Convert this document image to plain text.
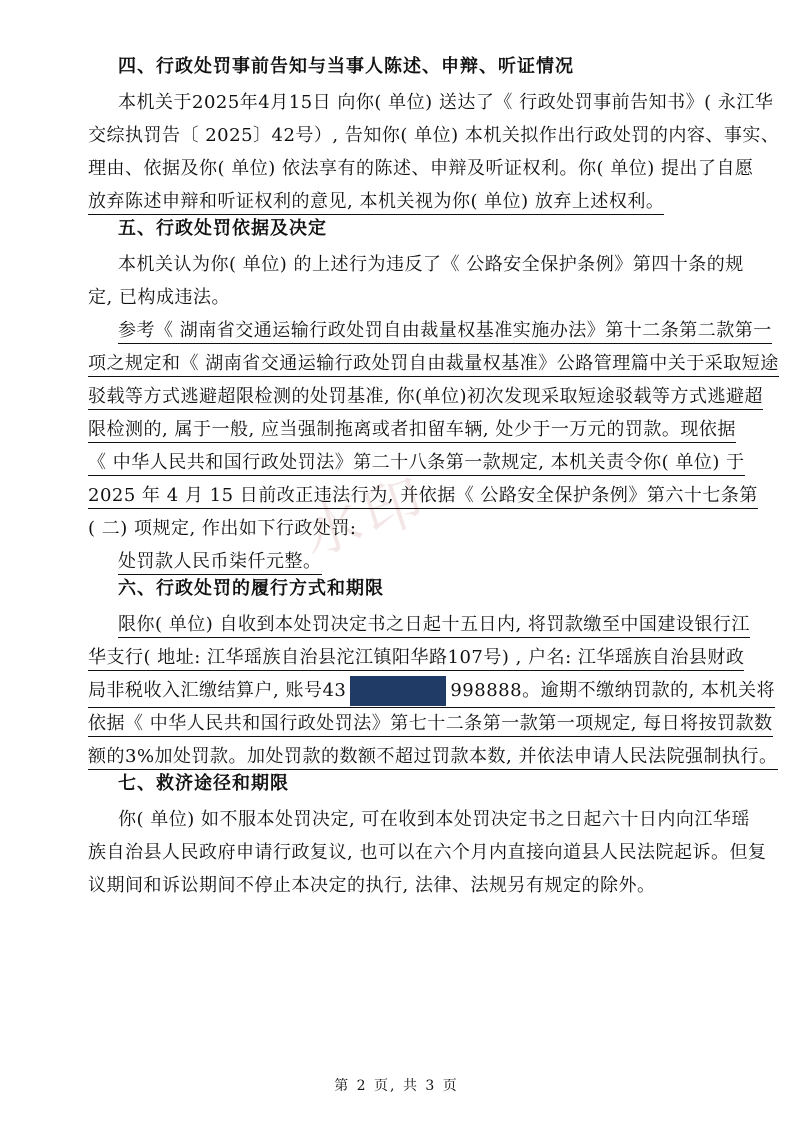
水印
四、行政处罚事前告知与当事人陈述、申辩、听证情况
本机关于2025年4月15日 向你( 单位) 送达了《 行政处罚事前告知书》( 永江华
交综执罚告〔 2025〕42号）, 告知你( 单位) 本机关拟作出行政处罚的内容、事实、
理由、依据及你( 单位) 依法享有的陈述、申辩及听证权利。你( 单位) 提出了自愿
放弃陈述申辩和听证权利的意见, 本机关视为你( 单位) 放弃上述权利。
五、行政处罚依据及决定
本机关认为你( 单位) 的上述行为违反了《 公路安全保护条例》第四十条的规
定, 已构成违法。
参考《 湖南省交通运输行政处罚自由裁量权基准实施办法》第十二条第二款第一
项之规定和《 湖南省交通运输行政处罚自由裁量权基准》公路管理篇中关于采取短途
驳载等方式逃避超限检测的处罚基准, 你(单位)初次发现采取短途驳载等方式逃避超
限检测的, 属于一般, 应当强制拖离或者扣留车辆, 处少于一万元的罚款。现依据
《 中华人民共和国行政处罚法》第二十八条第一款规定, 本机关责令你( 单位) 于
2025 年 4 月 15 日前改正违法行为, 并依据《 公路安全保护条例》第六十七条第
( 二) 项规定, 作出如下行政处罚:
处罚款人民币柒仟元整。
六、行政处罚的履行方式和期限
限你( 单位) 自收到本处罚决定书之日起十五日内, 将罚款缴至中国建设银行江
华支行( 地址: 江华瑶族自治县沱江镇阳华路107号) , 户名: 江华瑶族自治县财政
局非税收入汇缴结算户, 账号43	998888。逾期不缴纳罚款的, 本机关将
依据《 中华人民共和国行政处罚法》第七十二条第一款第一项规定, 每日将按罚款数
额的3%加处罚款。加处罚款的数额不超过罚款本数, 并依法申请人民法院强制执行。
七、救济途径和期限
你( 单位) 如不服本处罚决定, 可在收到本处罚决定书之日起六十日内向江华瑶
族自治县人民政府申请行政复议, 也可以在六个月内直接向道县人民法院起诉。但复
议期间和诉讼期间不停止本决定的执行, 法律、法规另有规定的除外。
第 2 页, 共 3 页
